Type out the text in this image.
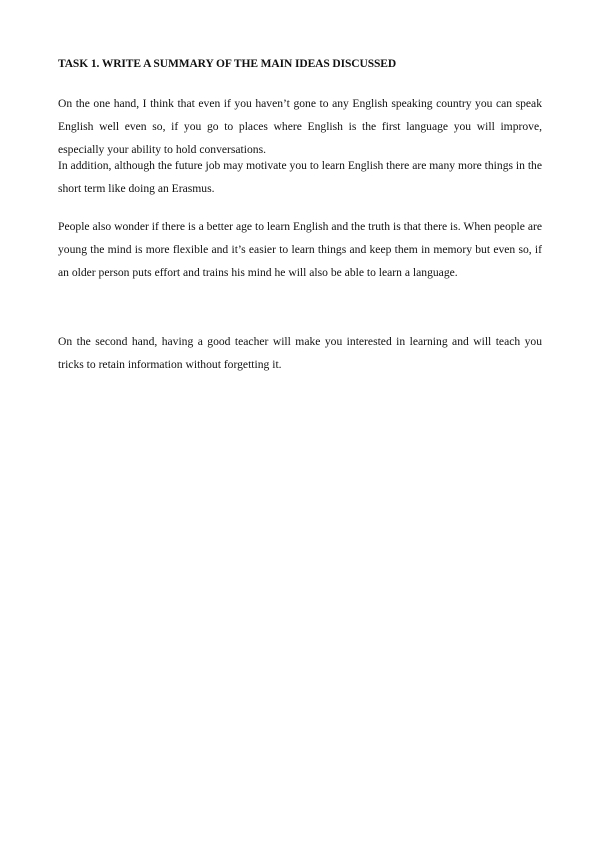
TASK 1. WRITE A SUMMARY OF THE MAIN IDEAS DISCUSSED

On the one hand, I think that even if you haven’t gone to any English speaking country you can speak English well even so, if you go to places where English is the first language you will improve, especially your ability to hold conversations.

In addition, although the future job may motivate you to learn English there are many more things in the short term like doing an Erasmus.

People also wonder if there is a better age to learn English and the truth is that there is. When people are young the mind is more flexible and it’s easier to learn things and keep them in memory but even so, if an older person puts effort and trains his mind he will also be able to learn a language.

On the second hand, having a good teacher will make you interested in learning and will teach you tricks to retain information without forgetting it.
